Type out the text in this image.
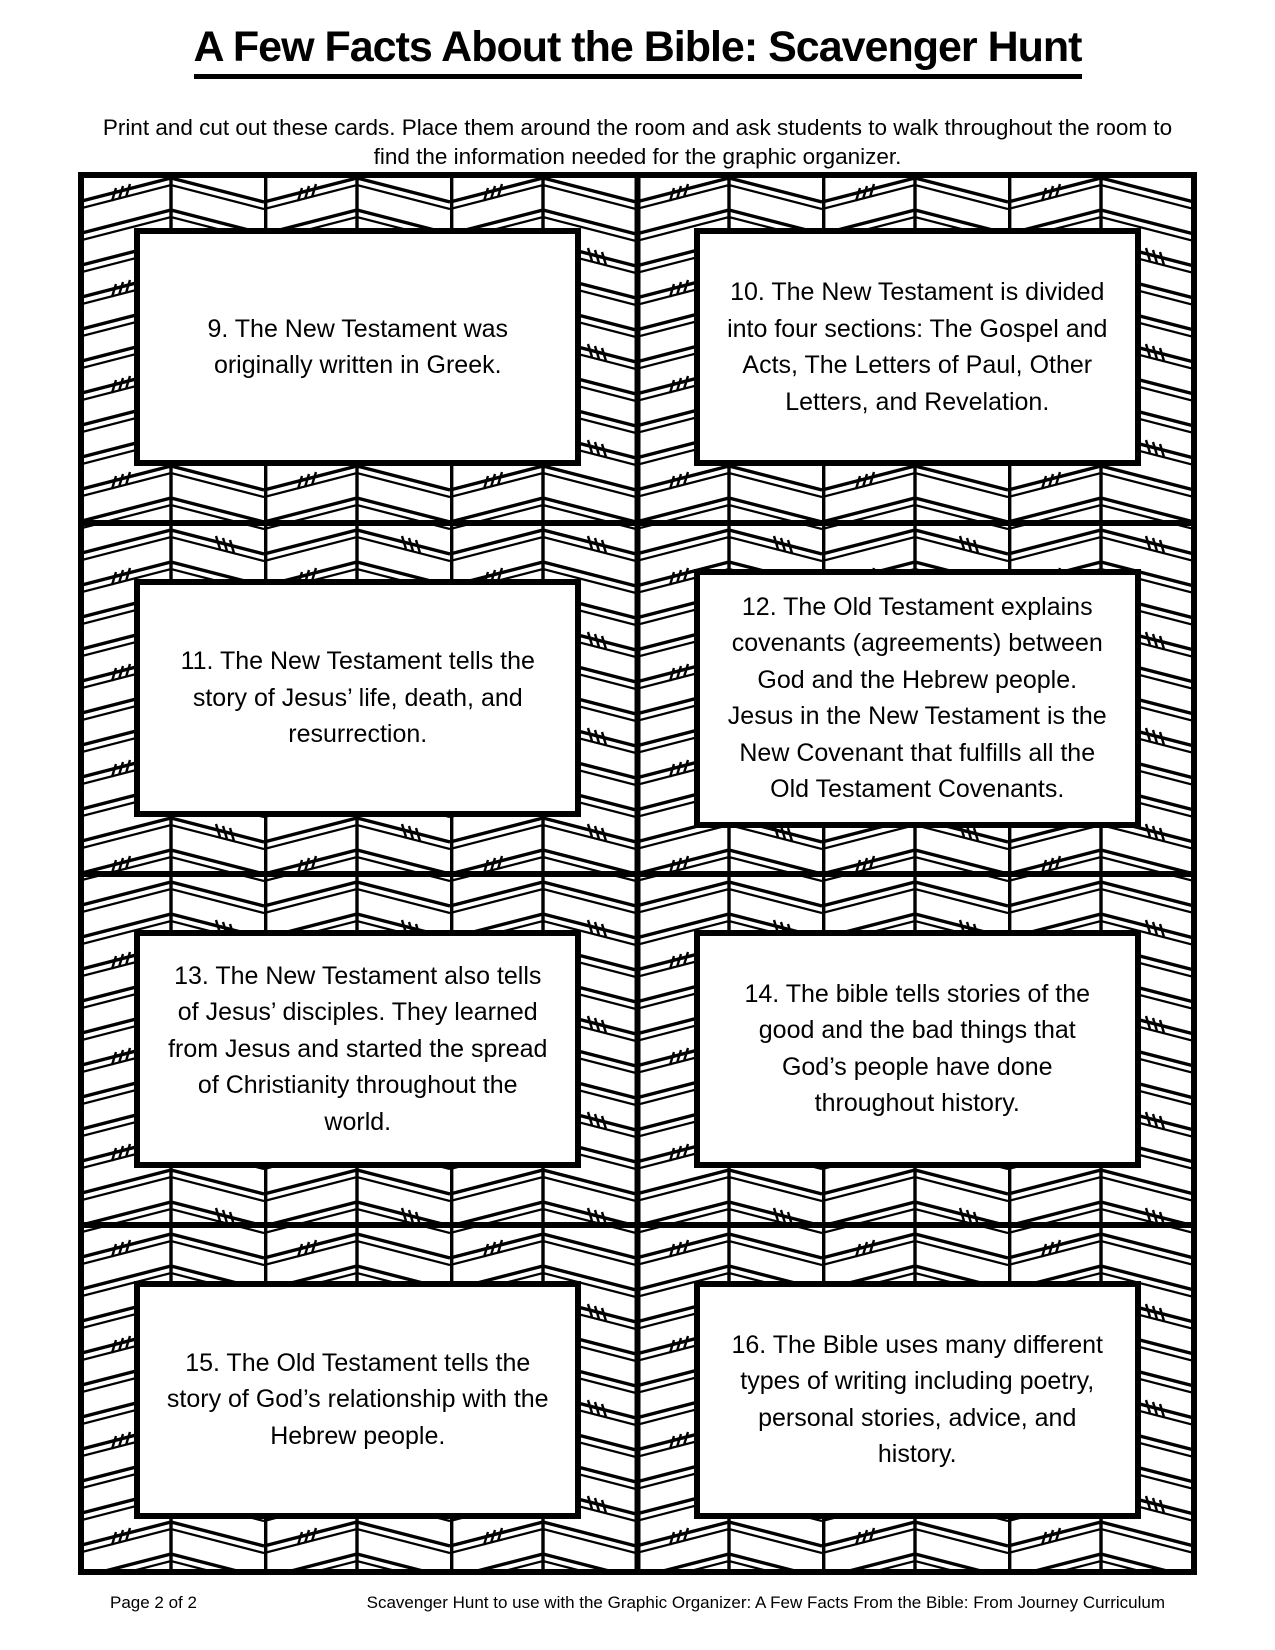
A Few Facts About the Bible: Scavenger Hunt

Print and cut out these cards. Place them around the room and ask students to walk throughout the room to find the information needed for the graphic organizer.

9. The New Testament was originally written in Greek.

10. The New Testament is divided into four sections: The Gospel and Acts, The Letters of Paul, Other Letters, and Revelation.

11. The New Testament tells the story of Jesus’ life, death, and resurrection.

12. The Old Testament explains covenants (agreements) between God and the Hebrew people. Jesus in the New Testament is the New Covenant that fulfills all the Old Testament Covenants.

13. The New Testament also tells of Jesus’ disciples. They learned from Jesus and started the spread of Christianity throughout the world.

14. The bible tells stories of the good and the bad things that God’s people have done throughout history.

15. The Old Testament tells the story of God’s relationship with the Hebrew people.

16. The Bible uses many different types of writing including poetry, personal stories, advice, and history.

Page 2 of 2	Scavenger Hunt to use with the Graphic Organizer: A Few Facts From the Bible: From Journey Curriculum
